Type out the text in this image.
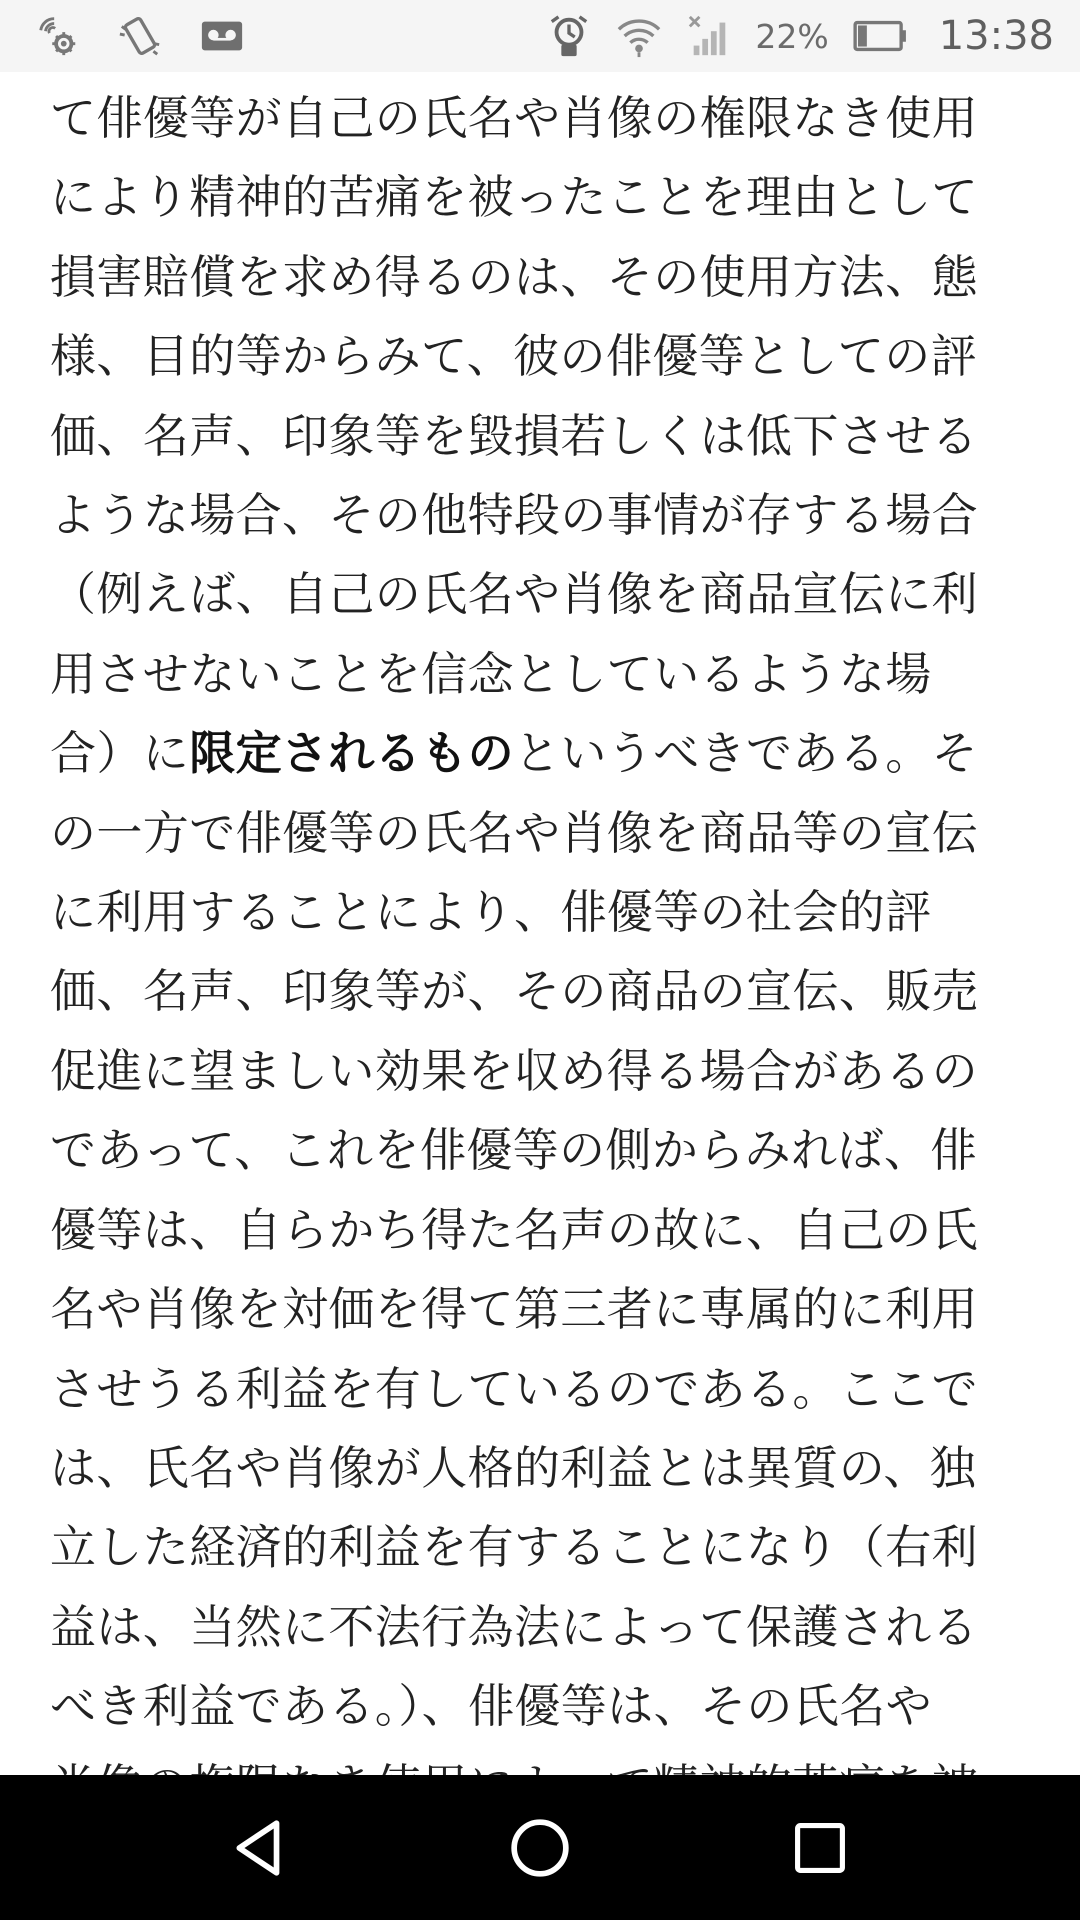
22%	13:38
て俳優等が自己の氏名や肖像の権限なき使用
により精神的苦痛を被ったことを理由として
損害賠償を求め得るのは、その使用方法、態
様、目的等からみて、彼の俳優等としての評
価、名声、印象等を毀損若しくは低下させる
ような場合、その他特段の事情が存する場合
（例えば、自己の氏名や肖像を商品宣伝に利
用させないことを信念としているような場
合）に限定されるものというべきである。そ
の一方で俳優等の氏名や肖像を商品等の宣伝
に利用することにより、俳優等の社会的評
価、名声、印象等が、その商品の宣伝、販売
促進に望ましい効果を収め得る場合があるの
であって、これを俳優等の側からみれば、俳
優等は、自らかち得た名声の故に、自己の氏
名や肖像を対価を得て第三者に専属的に利用
させうる利益を有しているのである。ここで
は、氏名や肖像が人格的利益とは異質の、独
立した経済的利益を有することになり（右利
益は、当然に不法行為法によって保護される
べき利益である。）、俳優等は、その氏名や
